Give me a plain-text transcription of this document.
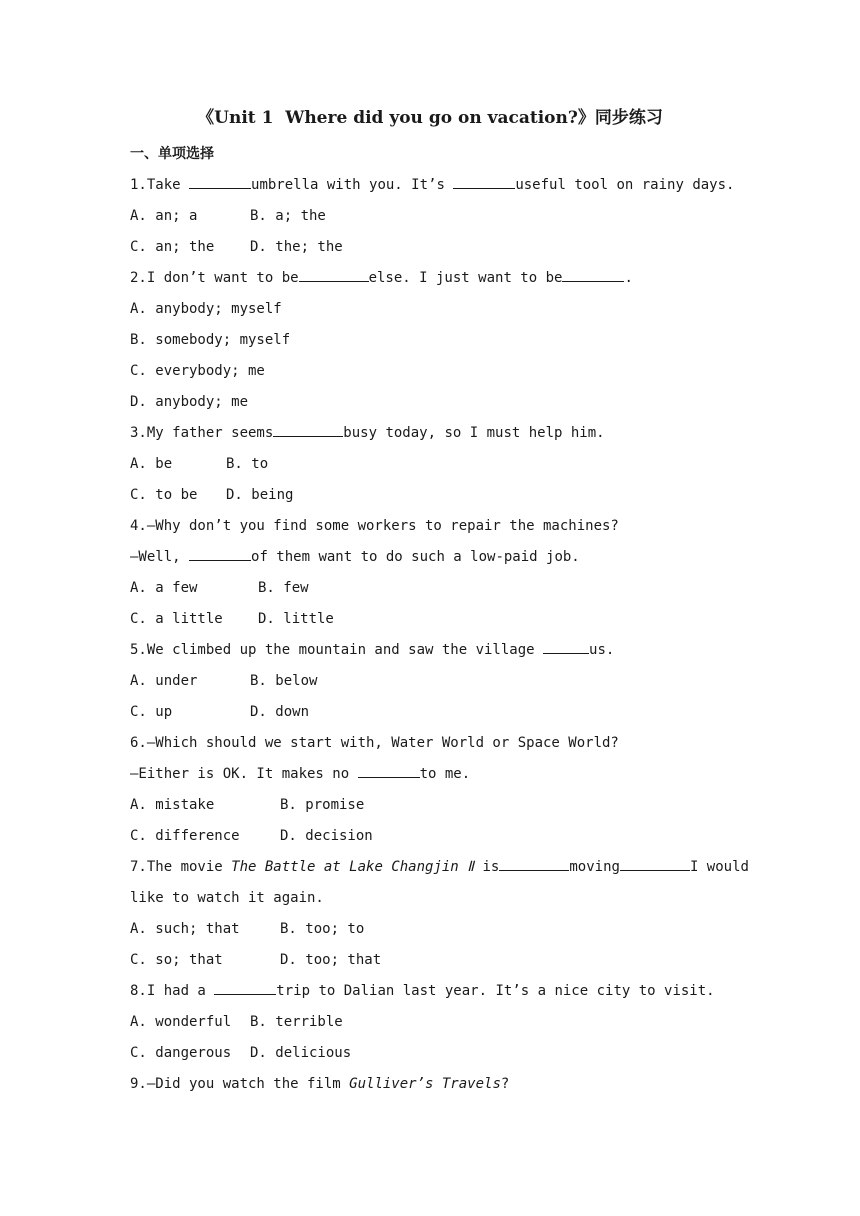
《Unit 1  Where did you go on vacation?》同步练习
一、单项选择
1.Take	umbrella with you. It’s	useful tool on rainy days.
A. an; a	B. a; the
C. an; the	D. the; the
2.I don’t want to be	else. I just want to be	.
A. anybody; myself
B. somebody; myself
C. everybody; me
D. anybody; me
3.My father seems	busy today, so I must help him.
A. be	B. to
C. to be D. being
4.—Why don’t you find some workers to repair the machines?
—Well,	of them want to do such a low-paid job.
A. a few	B. few
C. a little	D. little
5.We climbed up the mountain and saw the village	us.
A. under	B. below
C. up	D. down
6.—Which should we start with, Water World or Space World?
—Either is OK. It makes no	to me.
A. mistake	B. promise
C. difference	D. decision
7.The movie The Battle at Lake Changjin Ⅱ is	moving	I would
like to watch it again.
A. such; that	B. too; to
C. so; that	D. too; that
8.I had a	trip to Dalian last year. It’s a nice city to visit.
A. wonderful B. terrible
C. dangerous D. delicious
9.—Did you watch the film Gulliver’s Travels?
